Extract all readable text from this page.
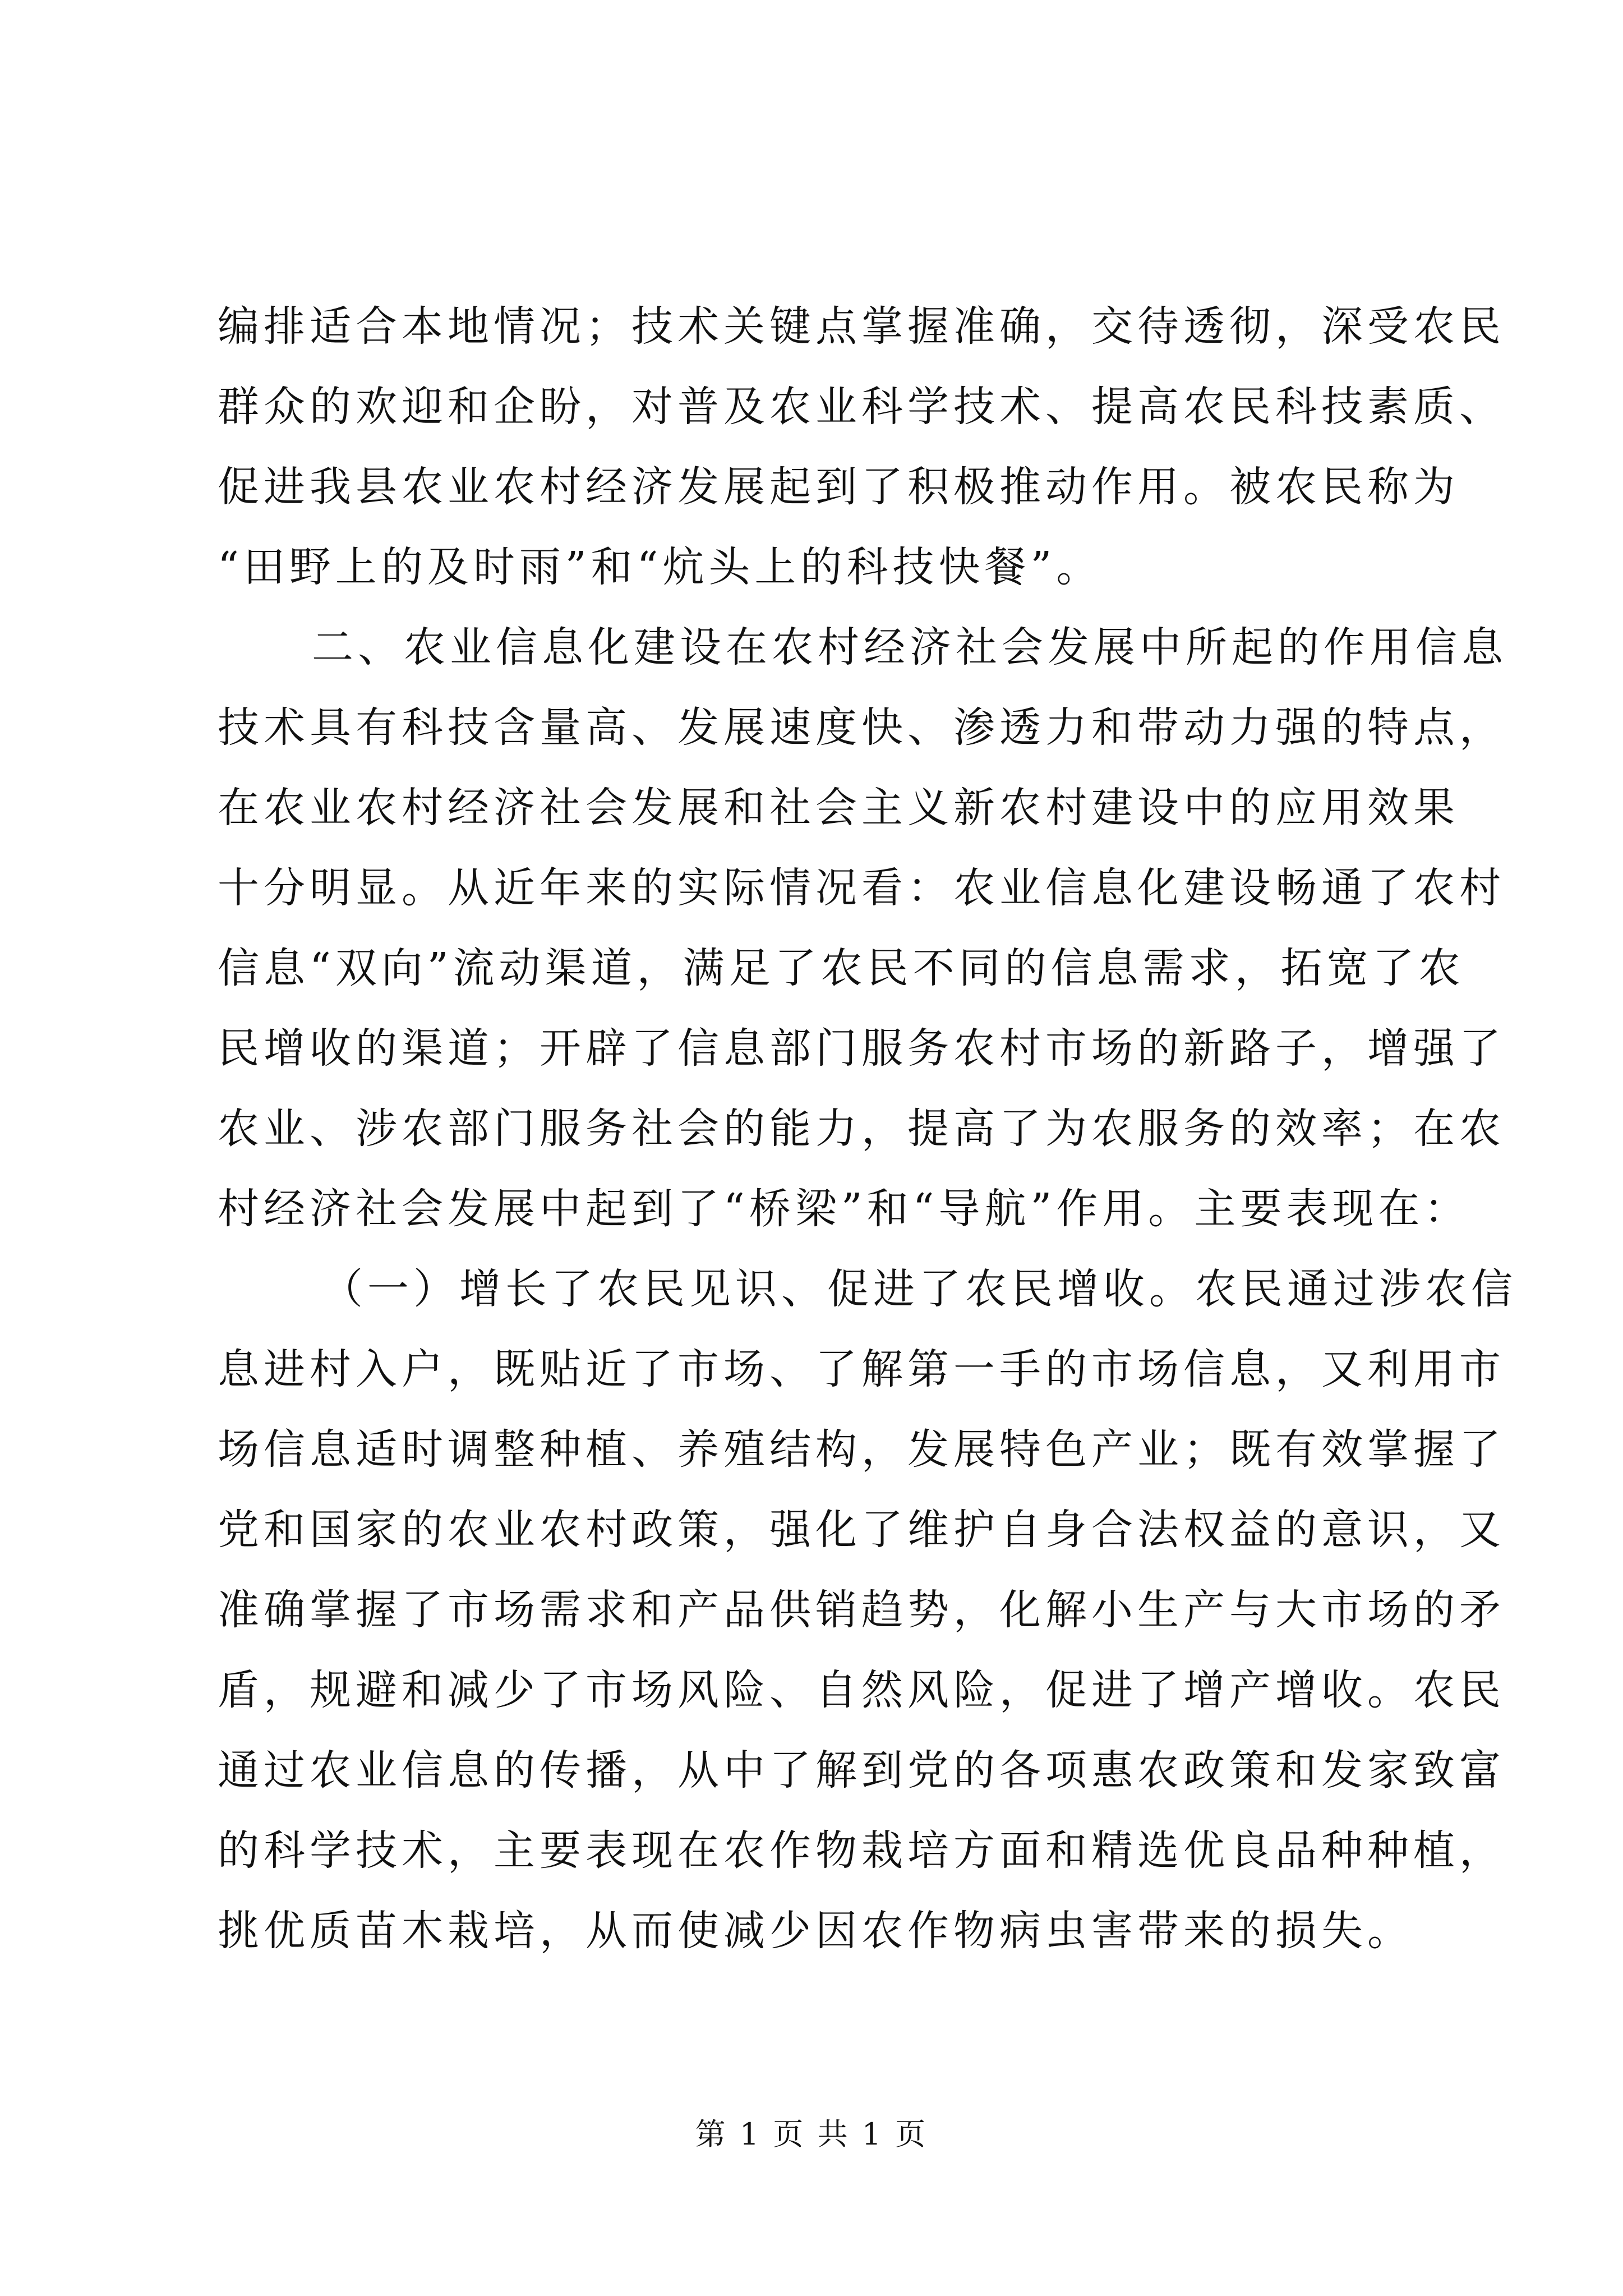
编排适合本地情况；技术关键点掌握准确，交待透彻，深受农民
群众的欢迎和企盼，对普及农业科学技术、提高农民科技素质、
促进我县农业农村经济发展起到了积极推动作用。被农民称为
“田野上的及时雨”和“炕头上的科技快餐”。
二、农业信息化建设在农村经济社会发展中所起的作用信息
技术具有科技含量高、发展速度快、渗透力和带动力强的特点，
在农业农村经济社会发展和社会主义新农村建设中的应用效果
十分明显。从近年来的实际情况看：农业信息化建设畅通了农村
信息“双向”流动渠道，满足了农民不同的信息需求，拓宽了农
民增收的渠道；开辟了信息部门服务农村市场的新路子，增强了
农业、涉农部门服务社会的能力，提高了为农服务的效率；在农
村经济社会发展中起到了“桥梁”和“导航”作用。主要表现在：
（一）增长了农民见识、促进了农民增收。农民通过涉农信
息进村入户，既贴近了市场、了解第一手的市场信息，又利用市
场信息适时调整种植、养殖结构，发展特色产业；既有效掌握了
党和国家的农业农村政策，强化了维护自身合法权益的意识，又
准确掌握了市场需求和产品供销趋势，化解小生产与大市场的矛
盾，规避和减少了市场风险、自然风险，促进了增产增收。农民
通过农业信息的传播，从中了解到党的各项惠农政策和发家致富
的科学技术，主要表现在农作物栽培方面和精选优良品种种植，
挑优质苗木栽培，从而使减少因农作物病虫害带来的损失。
第 1 页 共 1 页
